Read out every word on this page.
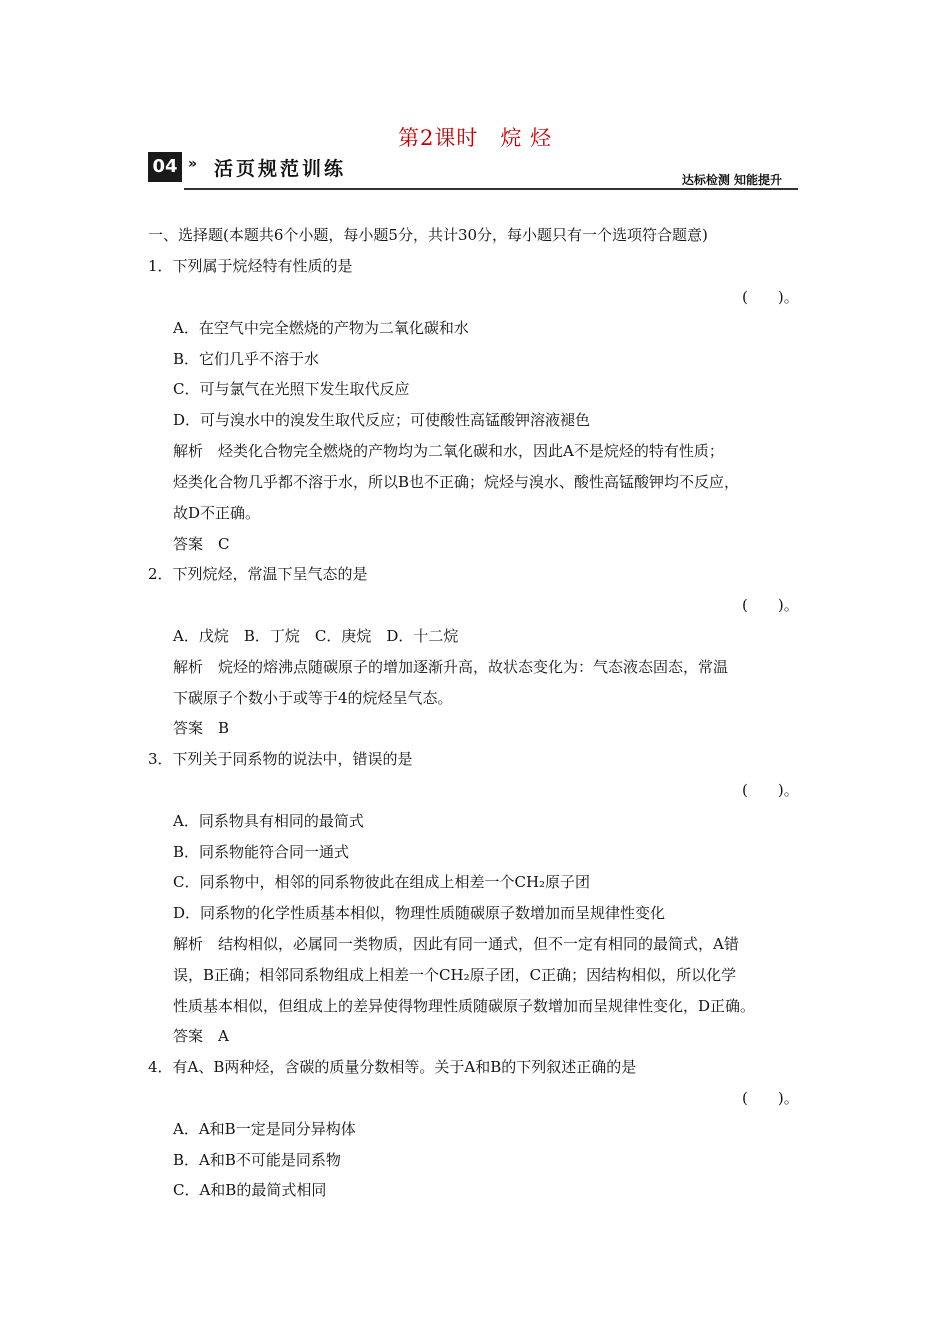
第2课时　烷 烃
04 » 活页规范训练	达标检测 知能提升
一、选择题(本题共6个小题，每小题5分，共计30分，每小题只有一个选项符合题意)
1．下列属于烷烃特有性质的是
(　　)。
A．在空气中完全燃烧的产物为二氧化碳和水
B．它们几乎不溶于水
C．可与氯气在光照下发生取代反应
D．可与溴水中的溴发生取代反应；可使酸性高锰酸钾溶液褪色
解析　烃类化合物完全燃烧的产物均为二氧化碳和水，因此A不是烷烃的特有性质；
烃类化合物几乎都不溶于水，所以B也不正确；烷烃与溴水、酸性高锰酸钾均不反应，
故D不正确。
答案　C
2．下列烷烃，常温下呈气态的是
(　　)。
A．戊烷　B．丁烷　C．庚烷　D．十二烷
解析　烷烃的熔沸点随碳原子的增加逐渐升高，故状态变化为：气态液态固态，常温
下碳原子个数小于或等于4的烷烃呈气态。
答案　B
3．下列关于同系物的说法中，错误的是
(　　)。
A．同系物具有相同的最简式
B．同系物能符合同一通式
C．同系物中，相邻的同系物彼此在组成上相差一个CH₂原子团
D．同系物的化学性质基本相似，物理性质随碳原子数增加而呈规律性变化
解析　结构相似，必属同一类物质，因此有同一通式，但不一定有相同的最简式，A错
误，B正确；相邻同系物组成上相差一个CH₂原子团，C正确；因结构相似，所以化学
性质基本相似，但组成上的差异使得物理性质随碳原子数增加而呈规律性变化，D正确。
答案　A
4．有A、B两种烃，含碳的质量分数相等。关于A和B的下列叙述正确的是
(　　)。
A．A和B一定是同分异构体
B．A和B不可能是同系物
C．A和B的最简式相同
